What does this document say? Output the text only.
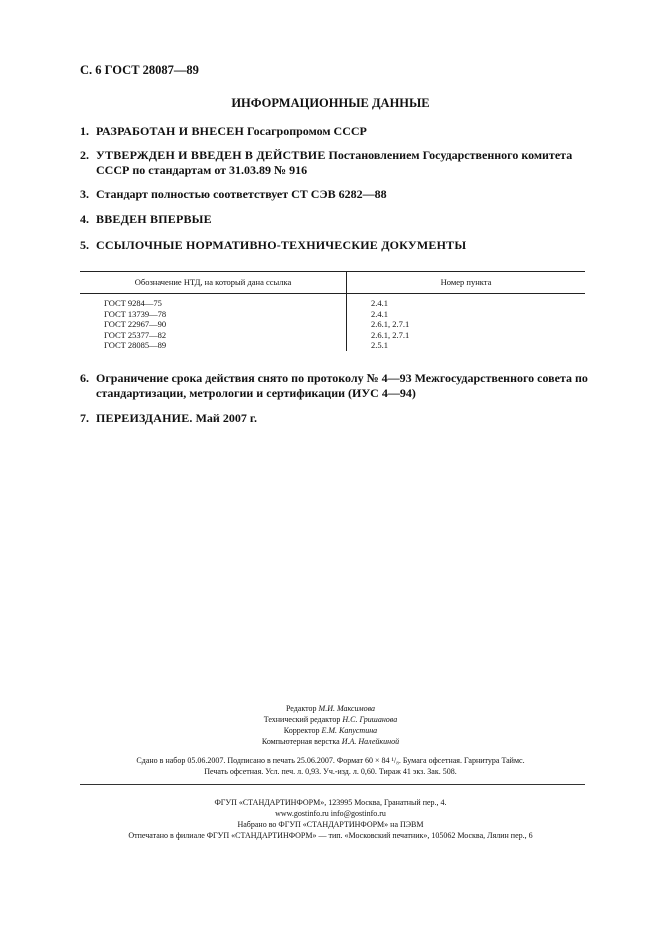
С. 6 ГОСТ 28087—89
ИНФОРМАЦИОННЫЕ ДАННЫЕ
1. РАЗРАБОТАН И ВНЕСЕН Госагропромом СССР
2. УТВЕРЖДЕН И ВВЕДЕН В ДЕЙСТВИЕ Постановлением Государственного комитета СССР по стандартам от 31.03.89 № 916
3. Стандарт полностью соответствует СТ СЭВ 6282—88
4. ВВЕДЕН ВПЕРВЫЕ
5. ССЫЛОЧНЫЕ НОРМАТИВНО-ТЕХНИЧЕСКИЕ ДОКУМЕНТЫ
Обозначение НТД, на который дана ссылка	Номер пункта
ГОСТ 9284—75	2.4.1
ГОСТ 13739—78	2.4.1
ГОСТ 22967—90	2.6.1, 2.7.1
ГОСТ 25377—82	2.6.1, 2.7.1
ГОСТ 28085—89	2.5.1
6. Ограничение срока действия снято по протоколу № 4—93 Межгосударственного совета по стандартизации, метрологии и сертификации (ИУС 4—94)
7. ПЕРЕИЗДАНИЕ. Май 2007 г.
Редактор М.И. Максимова
Технический редактор Н.С. Гришанова
Корректор Е.М. Капустина
Компьютерная верстка И.А. Налейкиной
Сдано в набор 05.06.2007. Подписано в печать 25.06.2007. Формат 60 × 84 ¹/₈. Бумага офсетная. Гарнитура Таймс.
Печать офсетная. Усл. печ. л. 0,93. Уч.-изд. л. 0,60. Тираж 41 экз. Зак. 508.
ФГУП «СТАНДАРТИНФОРМ», 123995 Москва, Гранатный пер., 4.
www.gostinfo.ru info@gostinfo.ru
Набрано во ФГУП «СТАНДАРТИНФОРМ» на ПЭВМ
Отпечатано в филиале ФГУП «СТАНДАРТИНФОРМ» — тип. «Московский печатник», 105062 Москва, Лялин пер., 6
